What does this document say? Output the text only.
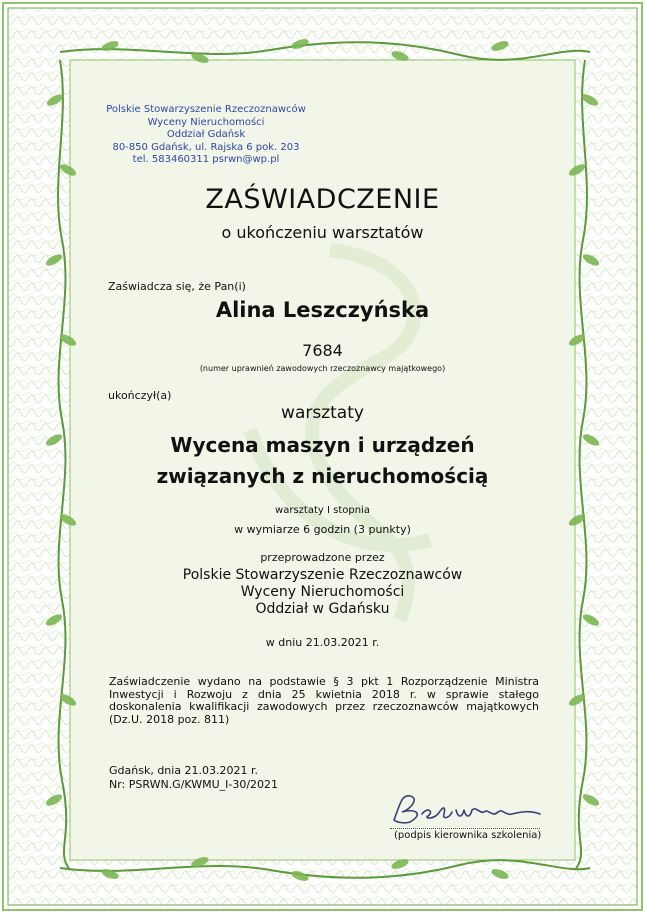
Polskie Stowarzyszenie Rzeczoznawców
Wyceny Nieruchomości
Oddział Gdańsk
80-850 Gdańsk, ul. Rajska 6 pok. 203
tel. 583460311 psrwn@wp.pl
ZAŚWIADCZENIE
o ukończeniu warsztatów
Zaświadcza się, że Pan(i)
Alina Leszczyńska
7684
(numer uprawnień zawodowych rzeczoznawcy majątkowego)
ukończył(a)
warsztaty
Wycena maszyn i urządzeń
związanych z nieruchomością
warsztaty I stopnia
w wymiarze 6 godzin (3 punkty)
przeprowadzone przez
Polskie Stowarzyszenie Rzeczoznawców
Wyceny Nieruchomości
Oddział w Gdańsku
w dniu 21.03.2021 r.
Zaświadczenie wydano na podstawie § 3 pkt 1 Rozporządzenie Ministra Inwestycji i Rozwoju z dnia 25 kwietnia 2018 r. w sprawie stałego doskonalenia kwalifikacji zawodowych przez rzeczoznawców majątkowych (Dz.U. 2018 poz. 811)
Gdańsk, dnia 21.03.2021 r.
Nr: PSRWN.G/KWMU_I-30/2021
(podpis kierownika szkolenia)
